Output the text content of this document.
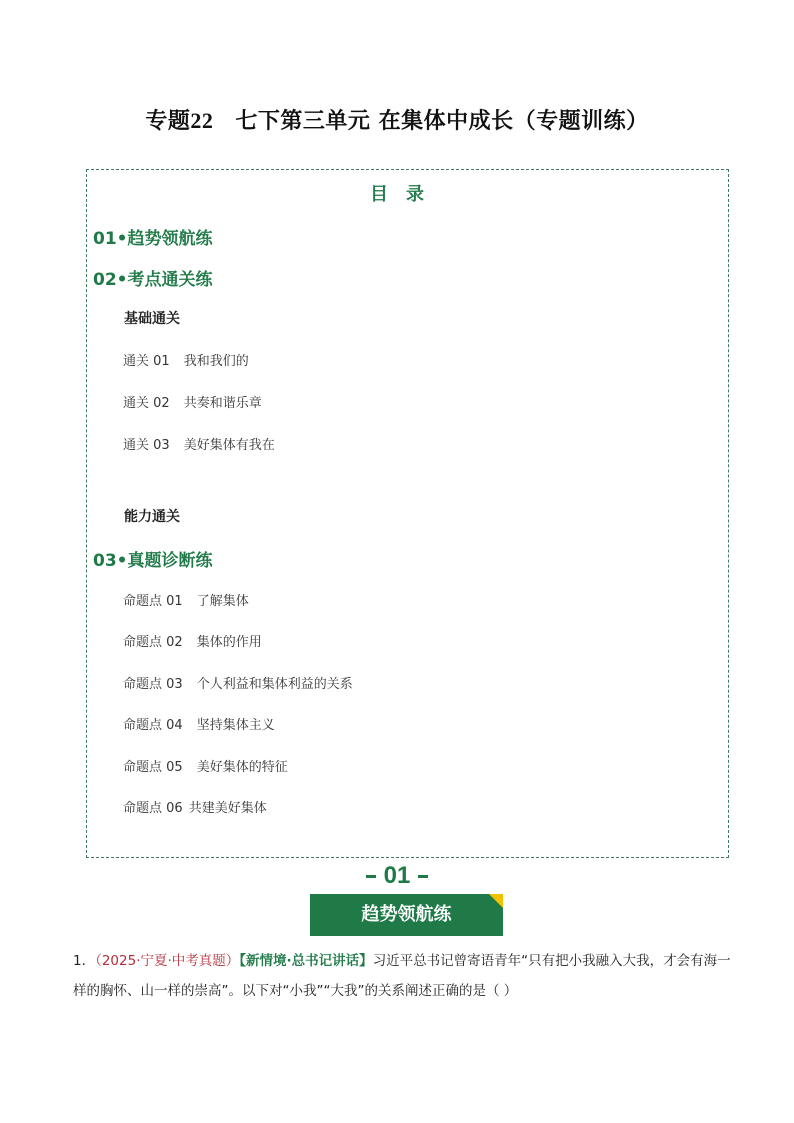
专题22 七下第三单元 在集体中成长（专题训练）
目录
01•趋势领航练
02•考点通关练
基础通关
通关 01 我和我们的
通关 02 共奏和谐乐章
通关 03 美好集体有我在
能力通关
03•真题诊断练
命题点 01 了解集体
命题点 02 集体的作用
命题点 03 个人利益和集体利益的关系
命题点 04 坚持集体主义
命题点 05 美好集体的特征
命题点 06 共建美好集体
01
趋势领航练
1．（2025·宁夏·中考真题）【新情境·总书记讲话】习近平总书记曾寄语青年“只有把小我融入大我，才会有海一样的胸怀、山一样的崇高”。以下对“小我”“大我”的关系阐述正确的是（ ）
